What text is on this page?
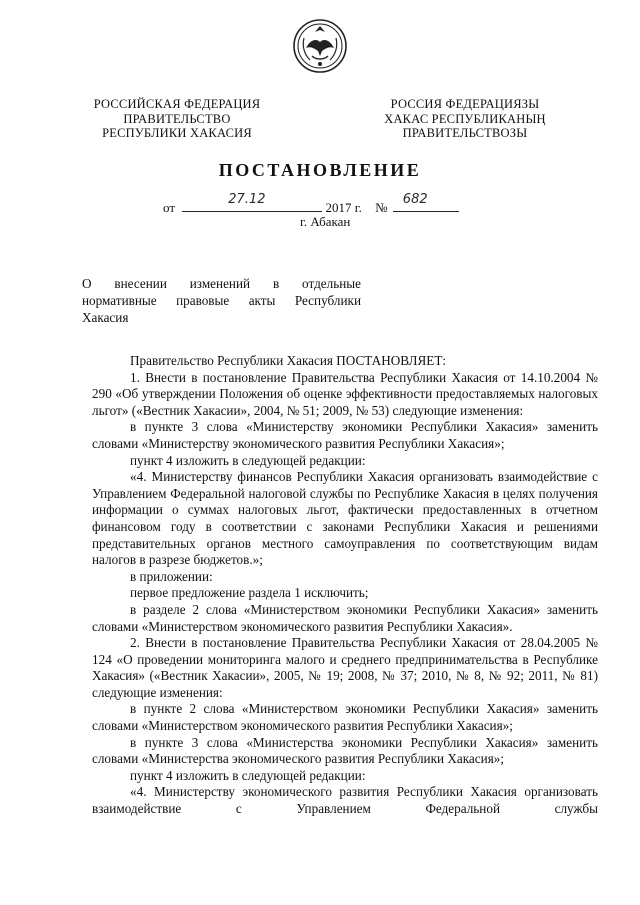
РОССИЙСКАЯ ФЕДЕРАЦИЯ
ПРАВИТЕЛЬСТВО
РЕСПУБЛИКИ ХАКАСИЯ
РОССИЯ ФЕДЕРАЦИЯЗЫ
ХАКАС РЕСПУБЛИКАНЫҢ
ПРАВИТЕЛЬСТВОЗЫ
ПОСТАНОВЛЕНИЕ
от
27.12
2017 г. №
682
г. Абакан
О внесении изменений в отдельные
нормативные правовые акты Республики
Хакасия

Правительство Республики Хакасия ПОСТАНОВЛЯЕТ:

1. Внести в постановление Правительства Республики Хакасия от 14.10.2004 № 290 «Об утверждении Положения об оценке эффективности предоставляемых налоговых льгот» («Вестник Хакасии», 2004, № 51; 2009, № 53) следующие изменения:

в пункте 3 слова «Министерству экономики Республики Хакасия» заменить словами «Министерству экономического развития Республики Хакасия»;

пункт 4 изложить в следующей редакции:

«4. Министерству финансов Республики Хакасия организовать взаимодействие с Управлением Федеральной налоговой службы по Республике Хакасия в целях получения информации о суммах налоговых льгот, фактически предоставленных в отчетном финансовом году в соответствии с законами Республики Хакасия и решениями представительных органов местного самоуправления по соответствующим видам налогов в разрезе бюджетов.»;

в приложении:

первое предложение раздела 1 исключить;

в разделе 2 слова «Министерством экономики Республики Хакасия» заменить словами «Министерством экономического развития Республики Хакасия».

2. Внести в постановление Правительства Республики Хакасия от 28.04.2005 № 124 «О проведении мониторинга малого и среднего предпринимательства в Республике Хакасия» («Вестник Хакасии», 2005, № 19; 2008, № 37; 2010, № 8, № 92; 2011, № 81) следующие изменения:

в пункте 2 слова «Министерством экономики Республики Хакасия» заменить словами «Министерством экономического развития Республики Хакасия»;

в пункте 3 слова «Министерства экономики Республики Хакасия» заменить словами «Министерства экономического развития Республики Хакасия»;

пункт 4 изложить в следующей редакции:

«4. Министерству экономического развития Республики Хакасия организовать взаимодействие с Управлением Федеральной службы
